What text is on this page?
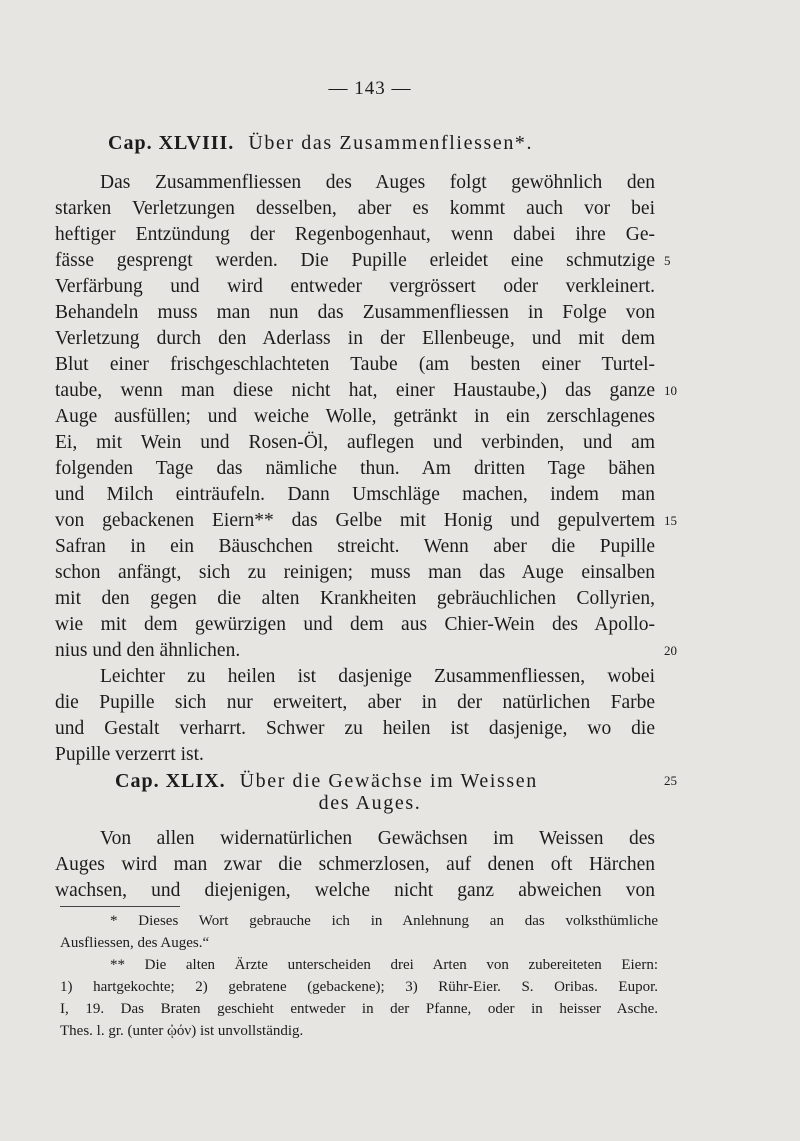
— 143 —
Cap. XLVIII. Über das Zusammenfliessen*.
Das Zusammenfliessen des Auges folgt gewöhnlich den
starken Verletzungen desselben, aber es kommt auch vor bei
heftiger Entzündung der Regenbogenhaut, wenn dabei ihre Ge-
fässe gesprengt werden. Die Pupille erleidet eine schmutzige
Verfärbung und wird entweder vergrössert oder verkleinert.
Behandeln muss man nun das Zusammenfliessen in Folge von
Verletzung durch den Aderlass in der Ellenbeuge, und mit dem
Blut einer frischgeschlachteten Taube (am besten einer Turtel-
taube, wenn man diese nicht hat, einer Haustaube,) das ganze
Auge ausfüllen; und weiche Wolle, getränkt in ein zerschlagenes
Ei, mit Wein und Rosen-Öl, auflegen und verbinden, und am
folgenden Tage das nämliche thun. Am dritten Tage bähen
und Milch einträufeln. Dann Umschläge machen, indem man
von gebackenen Eiern** das Gelbe mit Honig und gepulvertem
Safran in ein Bäuschchen streicht. Wenn aber die Pupille
schon anfängt, sich zu reinigen; muss man das Auge einsalben
mit den gegen die alten Krankheiten gebräuchlichen Collyrien,
wie mit dem gewürzigen und dem aus Chier-Wein des Apollo-
nius und den ähnlichen.
Leichter zu heilen ist dasjenige Zusammenfliessen, wobei
die Pupille sich nur erweitert, aber in der natürlichen Farbe
und Gestalt verharrt. Schwer zu heilen ist dasjenige, wo die
Pupille verzerrt ist.
5
10
15
20
25
Cap. XLIX. Über die Gewächse im Weissen
des Auges.
Von allen widernatürlichen Gewächsen im Weissen des
Auges wird man zwar die schmerzlosen, auf denen oft Härchen
wachsen, und diejenigen, welche nicht ganz abweichen von
* Dieses Wort gebrauche ich in Anlehnung an das volksthümliche
Ausfliessen, des Auges.“
** Die alten Ärzte unterscheiden drei Arten von zubereiteten Eiern:
1) hartgekochte; 2) gebratene (gebackene); 3) Rühr-Eier. S. Oribas. Eupor.
I, 19. Das Braten geschieht entweder in der Pfanne, oder in heisser Asche.
Thes. l. gr. (unter ᾠόν) ist unvollständig.
